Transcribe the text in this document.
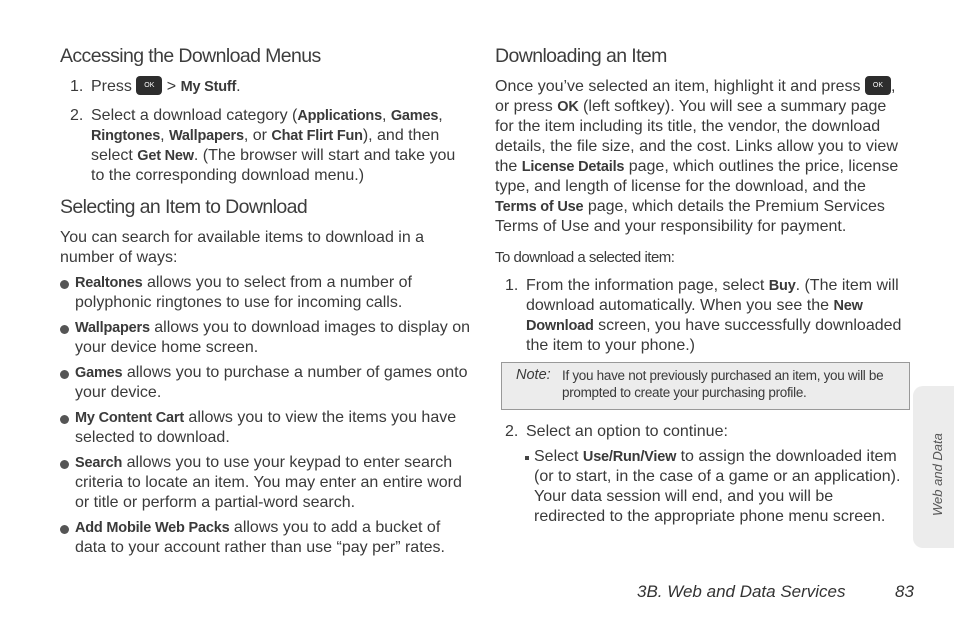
Accessing the Download Menus
1. Press OK > My Stuff.
2. Select a download category (Applications, Games, Ringtones, Wallpapers, or Chat Flirt Fun), and then select Get New. (The browser will start and take you to the corresponding download menu.)
Selecting an Item to Download

You can search for available items to download in a number of ways:

Realtones allows you to select from a number of polyphonic ringtones to use for incoming calls.
Wallpapers allows you to download images to display on your device home screen.
Games allows you to purchase a number of games onto your device.
My Content Cart allows you to view the items you have selected to download.
Search allows you to use your keypad to enter search criteria to locate an item. You may enter an entire word or title or perform a partial-word search.
Add Mobile Web Packs allows you to add a bucket of data to your account rather than use “pay per” rates.
Downloading an Item

Once you’ve selected an item, highlight it and press OK , or press OK (left softkey). You will see a summary page for the item including its title, the vendor, the download details, the file size, and the cost. Links allow you to view the License Details page, which outlines the price, license type, and length of license for the download, and the Terms of Use page, which details the Premium Services Terms of Use and your responsibility for payment.

To download a selected item:
1. From the information page, select Buy. (The item will download automatically. When you see the New Download screen, you have successfully downloaded the item to your phone.)
Note: If you have not previously purchased an item, you will be prompted to create your purchasing profile.
2. Select an option to continue:
Select Use/Run/View to assign the downloaded item (or to start, in the case of a game or an application). Your data session will end, and you will be redirected to the appropriate phone menu screen.
Web and Data
3B. Web and Data Services	83
